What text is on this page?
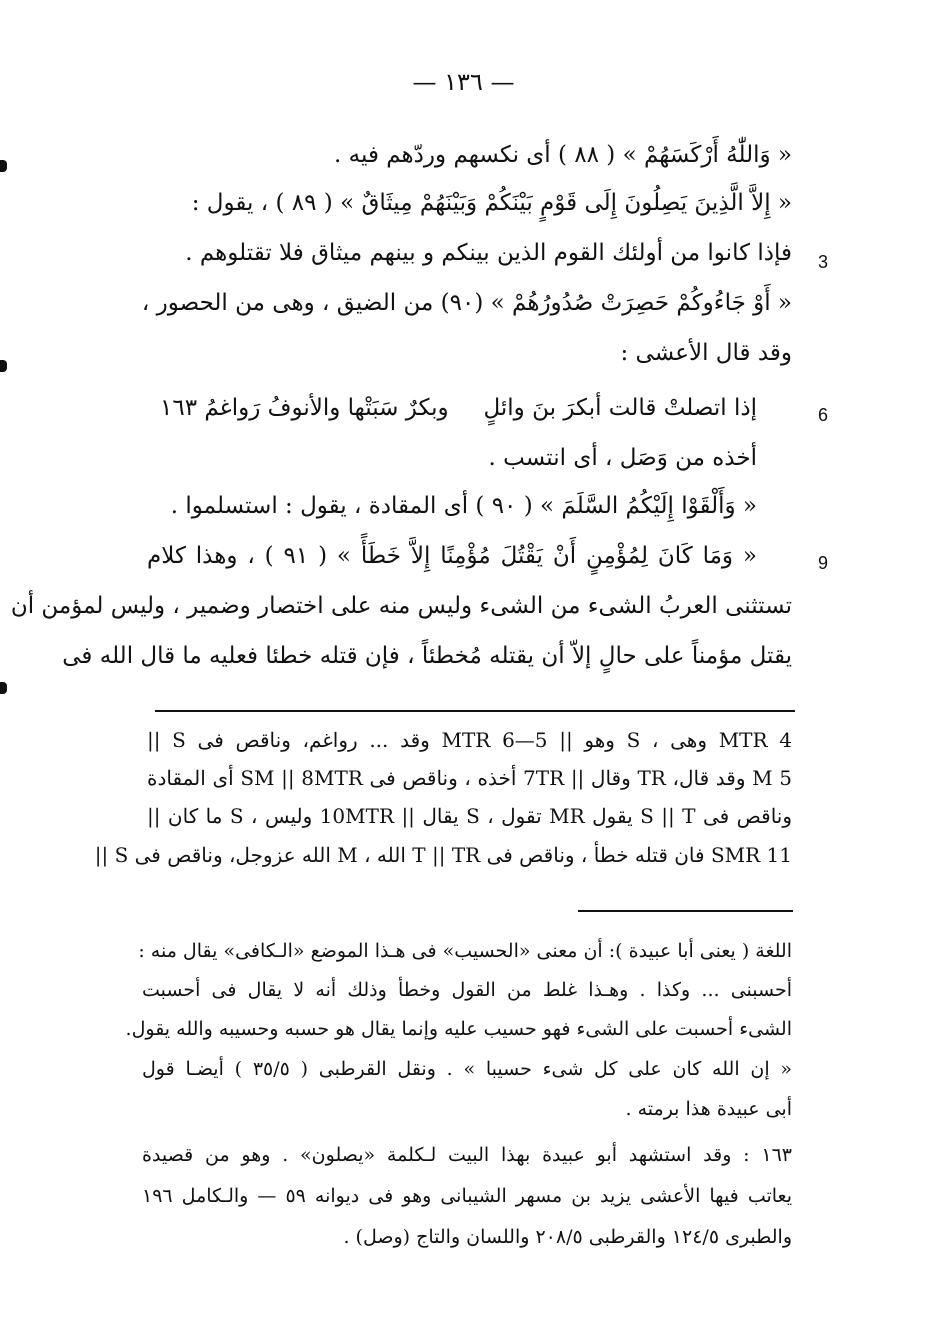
— ١٣٦ —
« وَاللّٰهُ أَرْكَسَهُمْ » ( ٨٨ ) أى نكسهم وردّهم فيه .
« إِلاَّ الَّذِينَ يَصِلُونَ إِلَى قَوْمٍ بَيْنَكُمْ وَبَيْنَهُمْ مِيثَاقٌ » ( ٨٩ ) ، يقول :
فإذا كانوا من أولئك القوم الذين بينكم و بينهم ميثاق فلا تقتلوهم . 3
« أَوْ جَاءُوكُمْ حَصِرَتْ صُدُورُهُمْ » (٩٠) من الضيق ، وهى من الحصور ،
وقد قال الأعشى :
إذا اتصلتْ قالت أبكرَ بنَ وائلٍ
وبكرٌ سَبَتْها والأنوفُ رَواغمُ ١٦٣	6
أخذه من وَصَل ، أى انتسب .
« وَأَلْقَوْا إِلَيْكُمُ السَّلَمَ » ( ٩٠ ) أى المقادة ، يقول : استسلموا .
« وَمَا كَانَ لِمُؤْمِنٍ أَنْ يَقْتُلَ مُؤْمِنًا إِلاَّ خَطَأً » ( ٩١ ) ، وهذا كلام	9
تستثنى العربُ الشىء من الشىء وليس منه على اختصار وضمير ، وليس لمؤمن أن
يقتل مؤمناً على حالٍ إلاّ أن يقتله مُخطئاً ، فإن قتله خطئا فعليه ما قال الله فى
4 MTR وهى ، S وهو || 5—6 MTR وقد ... رواغم، وناقص فى S ||
5 M وقد قال، TR وقال || 7TR أخذه ، وناقص فى SM || 8MTR أى المقادة
وناقص فى S || T يقول MR تقول ، S يقال || 10MTR وليس ، S ما كان ||
11 SMR فان قتله خطأ ، وناقص فى T || TR الله ، M الله عزوجل، وناقص فى S ||
اللغة ( يعنى أبا عبيدة ): أن معنى «الحسيب» فى هـذا الموضع «الـكافى» يقال منه :
أحسبنى ... وكذا . وهـذا غلط من القول وخطأ وذلك أنه لا يقال فى أحسبت
الشىء أحسبت على الشىء فهو حسيب عليه وإنما يقال هو حسبه وحسيبه والله يقول.
« إن الله كان على كل شىء حسيبا » . ونقل القرطبى ( ٣٥/٥ ) أيضـا قول
أبى عبيدة هذا برمته .
١٦٣ : وقد استشهد أبو عبيدة بهذا البيت لـكلمة «يصلون» . وهو من قصيدة
يعاتب فيها الأعشى يزيد بن مسهر الشيبانى وهو فى ديوانه ٥٩ — والـكامل ١٩٦
والطبرى ١٢٤/٥ والقرطبى ٢٠٨/٥ واللسان والتاج (وصل) .
